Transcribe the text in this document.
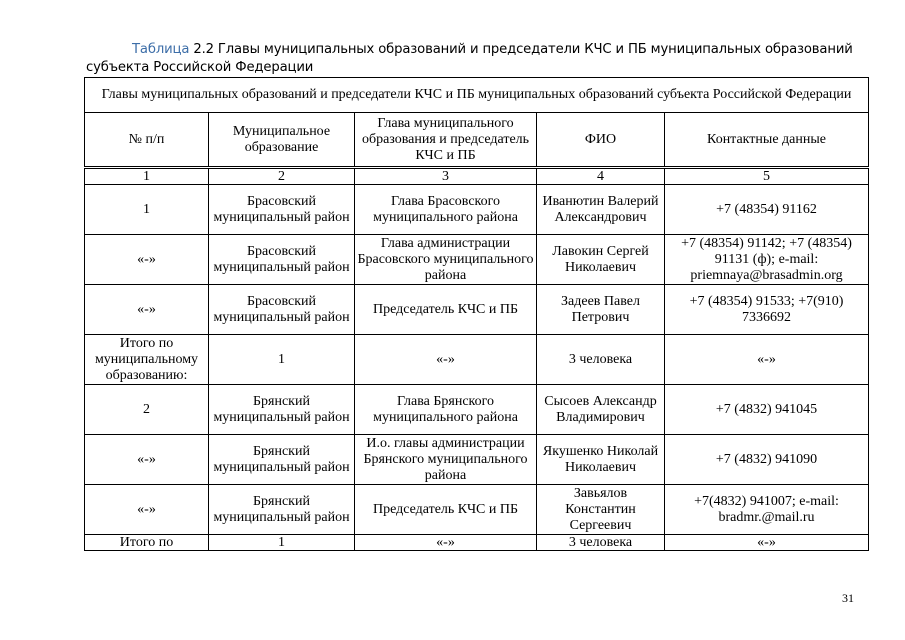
Таблица 2.2 Главы муниципальных образований и председатели КЧС и ПБ муниципальных образований субъекта Российской Федерации
Главы муниципальных образований и председатели КЧС и ПБ муниципальных образований субъекта Российской Федерации				
№ п/п	Муниципальное образование	Глава муниципального образования и председатель КЧС и ПБ	ФИО	Контактные данные
1	2	3	4	5
1	Брасовский муниципальный район	Глава Брасовского муниципального района	Иванютин Валерий Александрович	+7 (48354) 91162
«-»	Брасовский муниципальный район	Глава администрации Брасовского муниципального района	Лавокин Сергей Николаевич	+7 (48354) 91142; +7 (48354) 91131 (ф); e-mail: priemnaya@brasadmin.org
«-»	Брасовский муниципальный район	Председатель КЧС и ПБ	Задеев Павел Петрович	+7 (48354) 91533; +7(910) 7336692
Итого по муниципальному образованию:	1	«-»	3 человека	«-»
2	Брянский муниципальный район	Глава Брянского муниципального района	Сысоев Александр Владимирович	+7 (4832) 941045
«-»	Брянский муниципальный район	И.о. главы администрации Брянского муниципального района	Якушенко Николай Николаевич	+7 (4832) 941090
«-»	Брянский муниципальный район	Председатель КЧС и ПБ	Завьялов Константин Сергеевич	+7(4832) 941007; e-mail: bradmr.@mail.ru
Итого по	1	«-»	3 человека	«-»
31
